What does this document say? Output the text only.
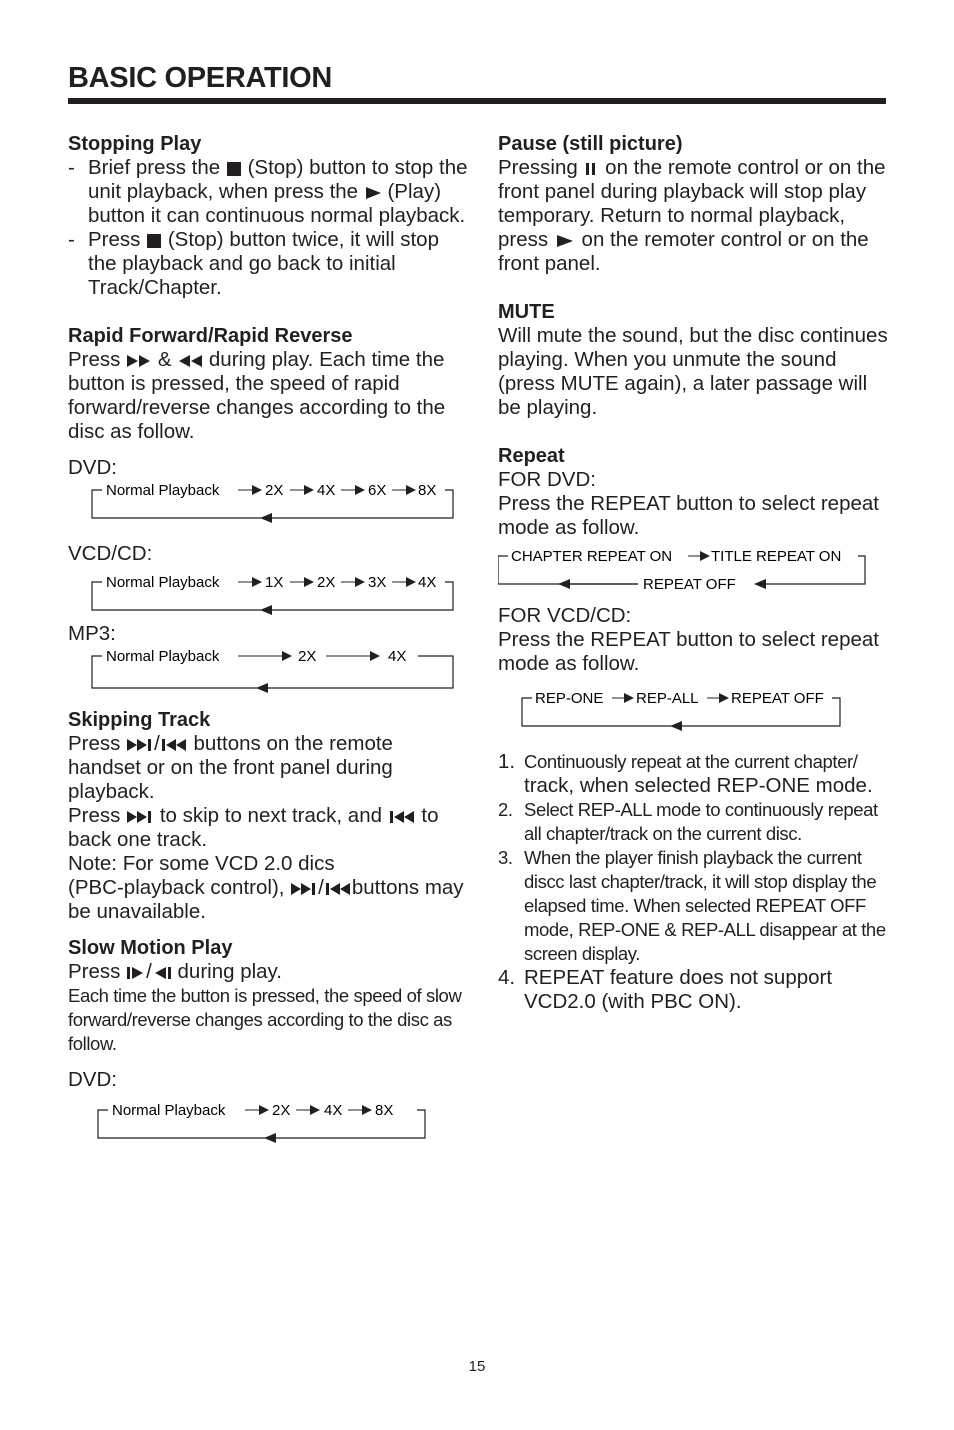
BASIC OPERATION

Stopping Play

- Brief press the (Stop) button to stop the unit playback, when press the (Play) button it can continuous normal playback.

- Press (Stop) button twice, it will stop the playback and go back to initial Track/Chapter.

Rapid Forward/Rapid Reverse

Press & during play. Each time the button is pressed, the speed of rapid forward/reverse changes according to the disc as follow.

DVD:

Normal Playback	2X 4X 6X 8X

VCD/CD:

Normal Playback	1X 2X 3X 4X

MP3:

Normal Playback	2X	4X

Skipping Track

Press / buttons on the remote handset or on the front panel during playback.

Press to skip to next track, and to back one track.

Note: For some VCD 2.0 dics

(PBC-playback control), / buttons may be unavailable.

Slow Motion Play

Press / during play.

Each time the button is pressed, the speed of slow forward/reverse changes according to the disc as follow.

DVD:

Normal Playback	2X 4X 8X

Pause (still picture)

Pressing on the remote control or on the front panel during playback will stop play temporary. Return to normal playback, press on the remoter control or on the front panel.

MUTE

Will mute the sound, but the disc continues playing. When you unmute the sound (press MUTE again), a later passage will be playing.

Repeat

FOR DVD:

Press the REPEAT button to select repeat mode as follow.

CHAPTER REPEAT ON	TITLE REPEAT ON
REPEAT OFF

FOR VCD/CD:

Press the REPEAT button to select repeat mode as follow.

REP-ONE REP-ALL REPEAT OFF
1. Continuously repeat at the current chapter/
track, when selected REP-ONE mode.
2. Select REP-ALL mode to continuously repeat all chapter/track on the current disc.
3. When the player finish playback the current discc last chapter/track, it will stop display the elapsed time. When selected REPEAT OFF mode, REP-ONE & REP-ALL disappear at the screen display.
4. REPEAT feature does not support VCD2.0 (with PBC ON).
15
